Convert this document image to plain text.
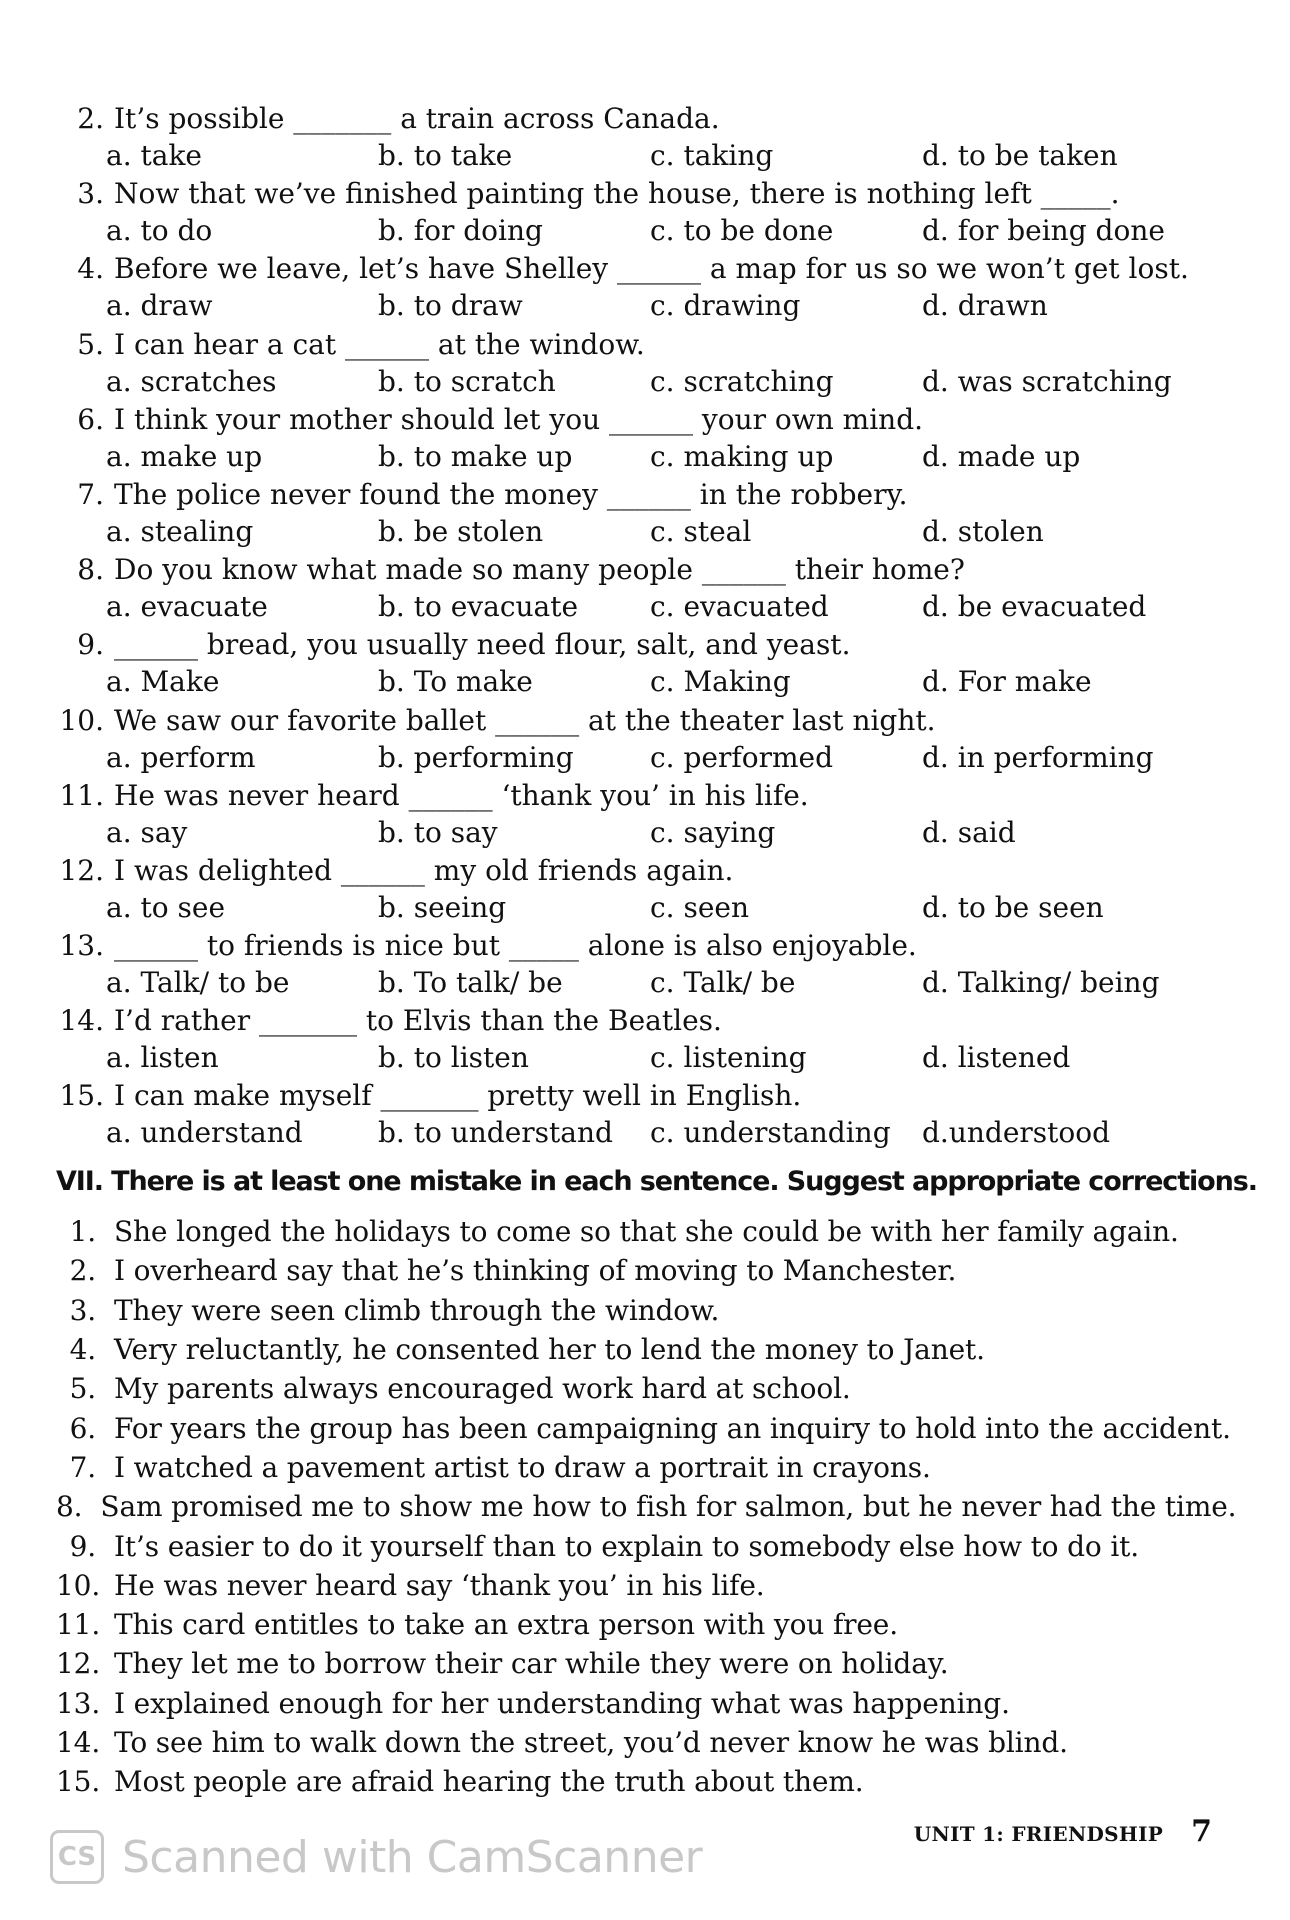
2. It’s possible _______ a train across Canada.
a. take	b. to take	c. taking	d. to be taken
3. Now that we’ve finished painting the house, there is nothing left _____.
a. to do	b. for doing	c. to be done	d. for being done
4. Before we leave, let’s have Shelley ______ a map for us so we won’t get lost.
a. draw	b. to draw	c. drawing	d. drawn
5. I can hear a cat ______ at the window.
a. scratches	b. to scratch	c. scratching	d. was scratching
6. I think your mother should let you ______ your own mind.
a. make up	b. to make up	c. making up	d. made up
7. The police never found the money ______ in the robbery.
a. stealing	b. be stolen	c. steal	d. stolen
8. Do you know what made so many people ______ their home?
a. evacuate	b. to evacuate	c. evacuated	d. be evacuated
9. ______ bread, you usually need flour, salt, and yeast.
a. Make	b. To make	c. Making	d. For make
10. We saw our favorite ballet ______ at the theater last night.
a. perform	b. performing	c. performed	d. in performing
11. He was never heard ______ ‘thank you’ in his life.
a. say	b. to say	c. saying	d. said
12. I was delighted ______ my old friends again.
a. to see	b. seeing	c. seen	d. to be seen
13. ______ to friends is nice but _____ alone is also enjoyable.
a. Talk/ to be	b. To talk/ be	c. Talk/ be	d. Talking/ being
14. I’d rather _______ to Elvis than the Beatles.
a. listen	b. to listen	c. listening	d. listened
15. I can make myself _______ pretty well in English.
a. understand	b. to understand	c. understanding	d.understood
VII. There is at least one mistake in each sentence. Suggest appropriate corrections.
1. She longed the holidays to come so that she could be with her family again.
2. I overheard say that he’s thinking of moving to Manchester.
3. They were seen climb through the window.
4. Very reluctantly, he consented her to lend the money to Janet.
5. My parents always encouraged work hard at school.
6. For years the group has been campaigning an inquiry to hold into the accident.
7. I watched a pavement artist to draw a portrait in crayons.
8. Sam promised me to show me how to fish for salmon, but he never had the time.
9. It’s easier to do it yourself than to explain to somebody else how to do it.
10. He was never heard say ‘thank you’ in his life.
11. This card entitles to take an extra person with you free.
12. They let me to borrow their car while they were on holiday.
13. I explained enough for her understanding what was happening.
14. To see him to walk down the street, you’d never know he was blind.
15. Most people are afraid hearing the truth about them.
UNIT 1: FRIENDSHIP 7
CS Scanned with CamScanner
